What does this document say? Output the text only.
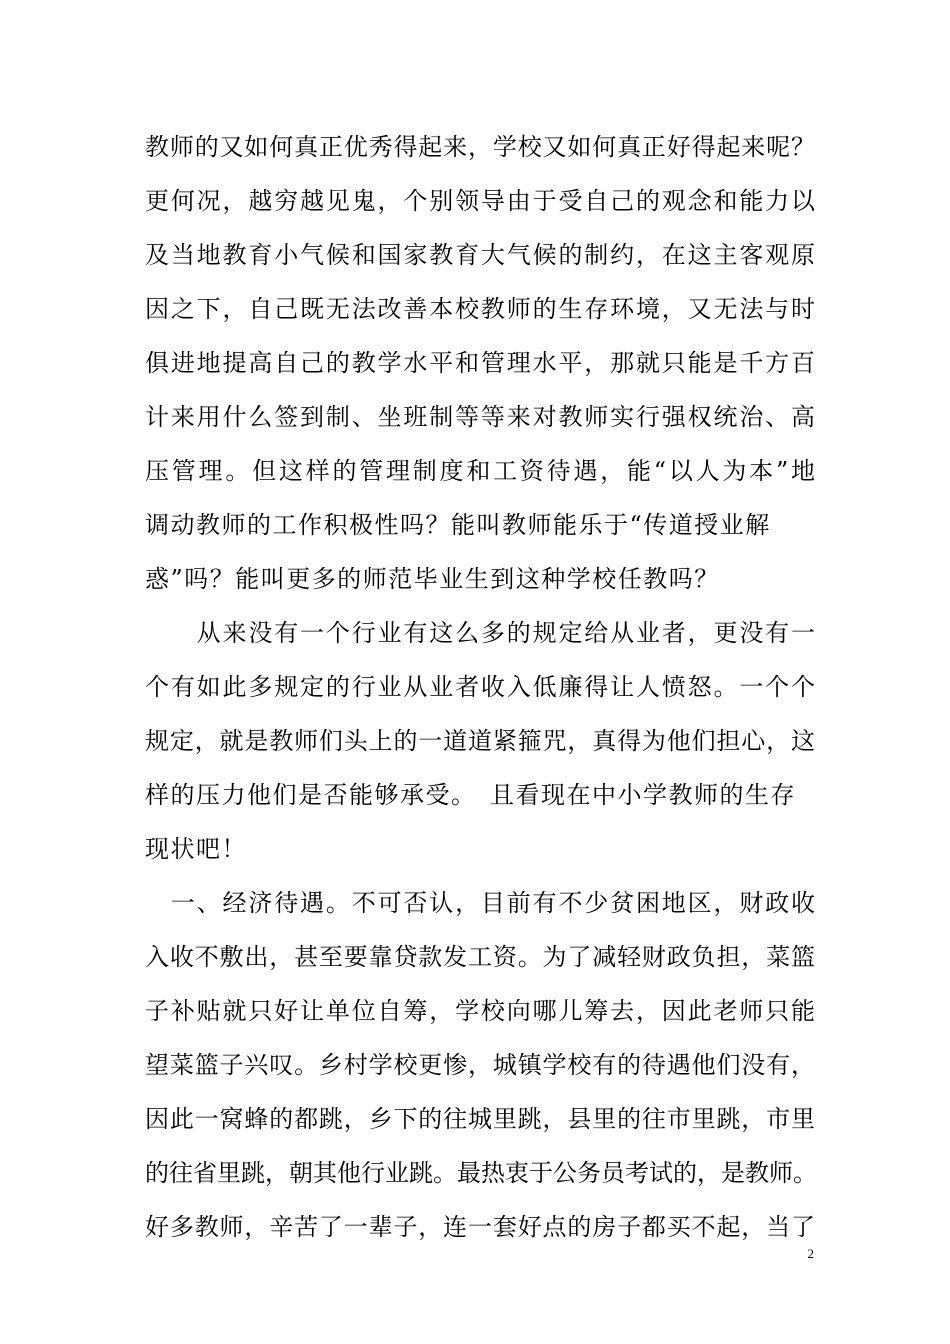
教师的又如何真正优秀得起来，学校又如何真正好得起来呢？
更何况，越穷越见鬼，个别领导由于受自己的观念和能力以
及当地教育小气候和国家教育大气候的制约，在这主客观原
因之下，自己既无法改善本校教师的生存环境，又无法与时
俱进地提高自己的教学水平和管理水平，那就只能是千方百
计来用什么签到制、坐班制等等来对教师实行强权统治、高
压管理。但这样的管理制度和工资待遇，能“以人为本”地
调动教师的工作积极性吗？能叫教师能乐于“传道授业解
惑”吗？能叫更多的师范毕业生到这种学校任教吗？
　　从来没有一个行业有这么多的规定给从业者，更没有一
个有如此多规定的行业从业者收入低廉得让人愤怒。一个个
规定，就是教师们头上的一道道紧箍咒，真得为他们担心，这
样的压力他们是否能够承受。　且看现在中小学教师的生存
现状吧！
　一、经济待遇。不可否认，目前有不少贫困地区，财政收
入收不敷出，甚至要靠贷款发工资。为了减轻财政负担，菜篮
子补贴就只好让单位自筹，学校向哪儿筹去，因此老师只能
望菜篮子兴叹。乡村学校更惨，城镇学校有的待遇他们没有，
因此一窝蜂的都跳，乡下的往城里跳，县里的往市里跳，市里
的往省里跳，朝其他行业跳。最热衷于公务员考试的，是教师。
好多教师，辛苦了一辈子，连一套好点的房子都买不起，当了
2
